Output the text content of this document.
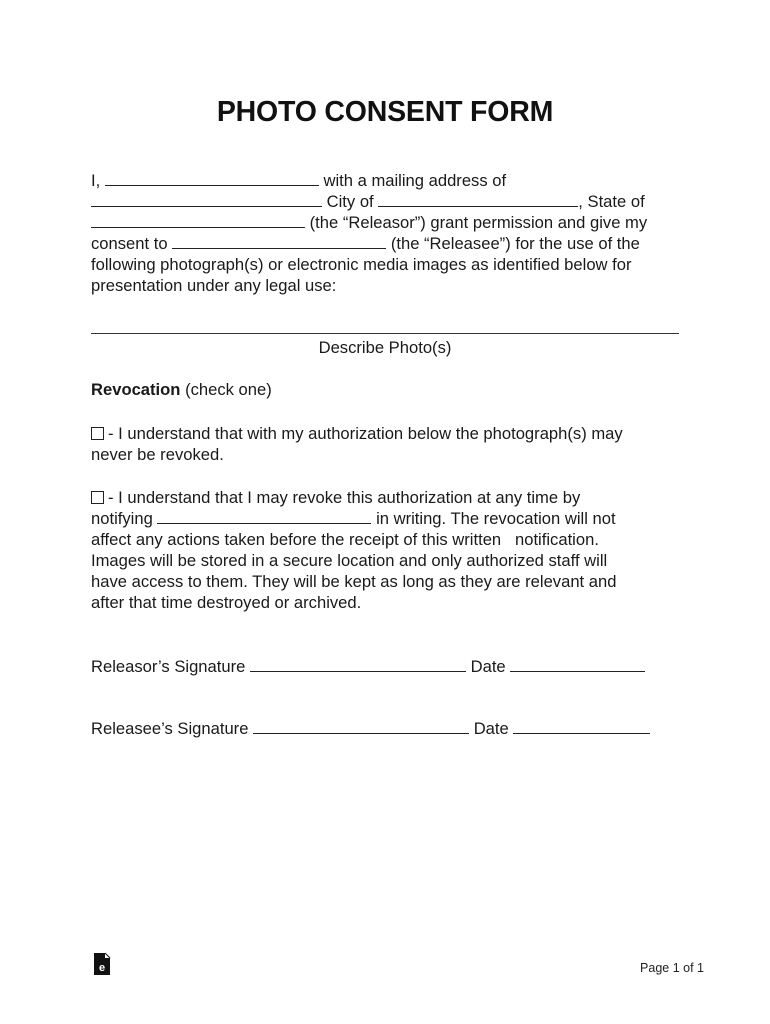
PHOTO CONSENT FORM
I,	with a mailing address of
City of	, State of
(the “Releasor”) grant permission and give my
consent to	(the “Releasee”) for the use of the
following photograph(s) or electronic media images as identified below for
presentation under any legal use:
Describe Photo(s)
Revocation (check one)
- I understand that with my authorization below the photograph(s) may
never be revoked.
- I understand that I may revoke this authorization at any time by
notifying	in writing. The revocation will not
affect any actions taken before the receipt of this written   notification.
Images will be stored in a secure location and only authorized staff will
have access to them. They will be kept as long as they are relevant and
after that time destroyed or archived.
Releasor’s Signature	Date
Releasee’s Signature	Date
e	Page 1 of 1
